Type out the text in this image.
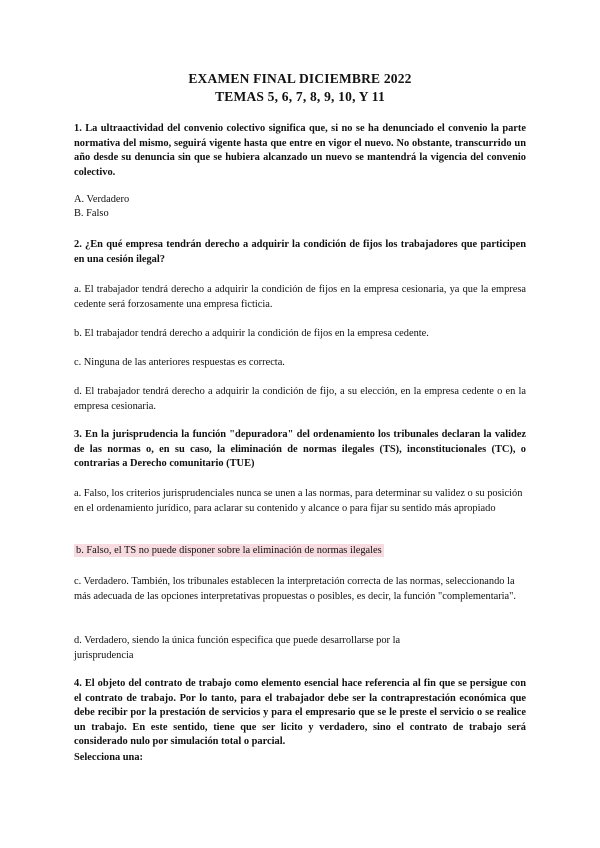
EXAMEN FINAL DICIEMBRE 2022
TEMAS 5, 6, 7, 8, 9, 10, Y 11
1. La ultraactividad del convenio colectivo significa que, si no se ha denunciado el convenio la parte normativa del mismo, seguirá vigente hasta que entre en vigor el nuevo. No obstante, transcurrido un año desde su denuncia sin que se hubiera alcanzado un nuevo se mantendrá la vigencia del convenio colectivo.
A. Verdadero
B. Falso
2. ¿En qué empresa tendrán derecho a adquirir la condición de fijos los trabajadores que participen en una cesión ilegal?
a. El trabajador tendrá derecho a adquirir la condición de fijos en la empresa cesionaria, ya que la empresa cedente será forzosamente una empresa ficticia.
b. El trabajador tendrá derecho a adquirir la condición de fijos en la empresa cedente.
c. Ninguna de las anteriores respuestas es correcta.
d. El trabajador tendrá derecho a adquirir la condición de fijo, a su elección, en la empresa cedente o en la empresa cesionaria.
3. En la jurisprudencia la función "depuradora" del ordenamiento los tribunales declaran la validez de las normas o, en su caso, la eliminación de normas ilegales (TS), inconstitucionales (TC), o contrarias a Derecho comunitario (TUE)
a. Falso, los criterios jurisprudenciales nunca se unen a las normas, para determinar su validez o su posición en el ordenamiento jurídico, para aclarar su contenido y alcance o para fijar su sentido más apropiado
b. Falso, el TS no puede disponer sobre la eliminación de normas ilegales
c. Verdadero. También, los tribunales establecen la interpretación correcta de las normas, seleccionando la más adecuada de las opciones interpretativas propuestas o posibles, es decir, la función "complementaria".
d. Verdadero, siendo la única función especifica que puede desarrollarse por la jurisprudencia
4. El objeto del contrato de trabajo como elemento esencial hace referencia al fin que se persigue con el contrato de trabajo. Por lo tanto, para el trabajador debe ser la contraprestación económica que debe recibir por la prestación de servicios y para el empresario que se le preste el servicio o se realice un trabajo. En este sentido, tiene que ser licito y verdadero, sino el contrato de trabajo será considerado nulo por simulación total o parcial.
Selecciona una:
